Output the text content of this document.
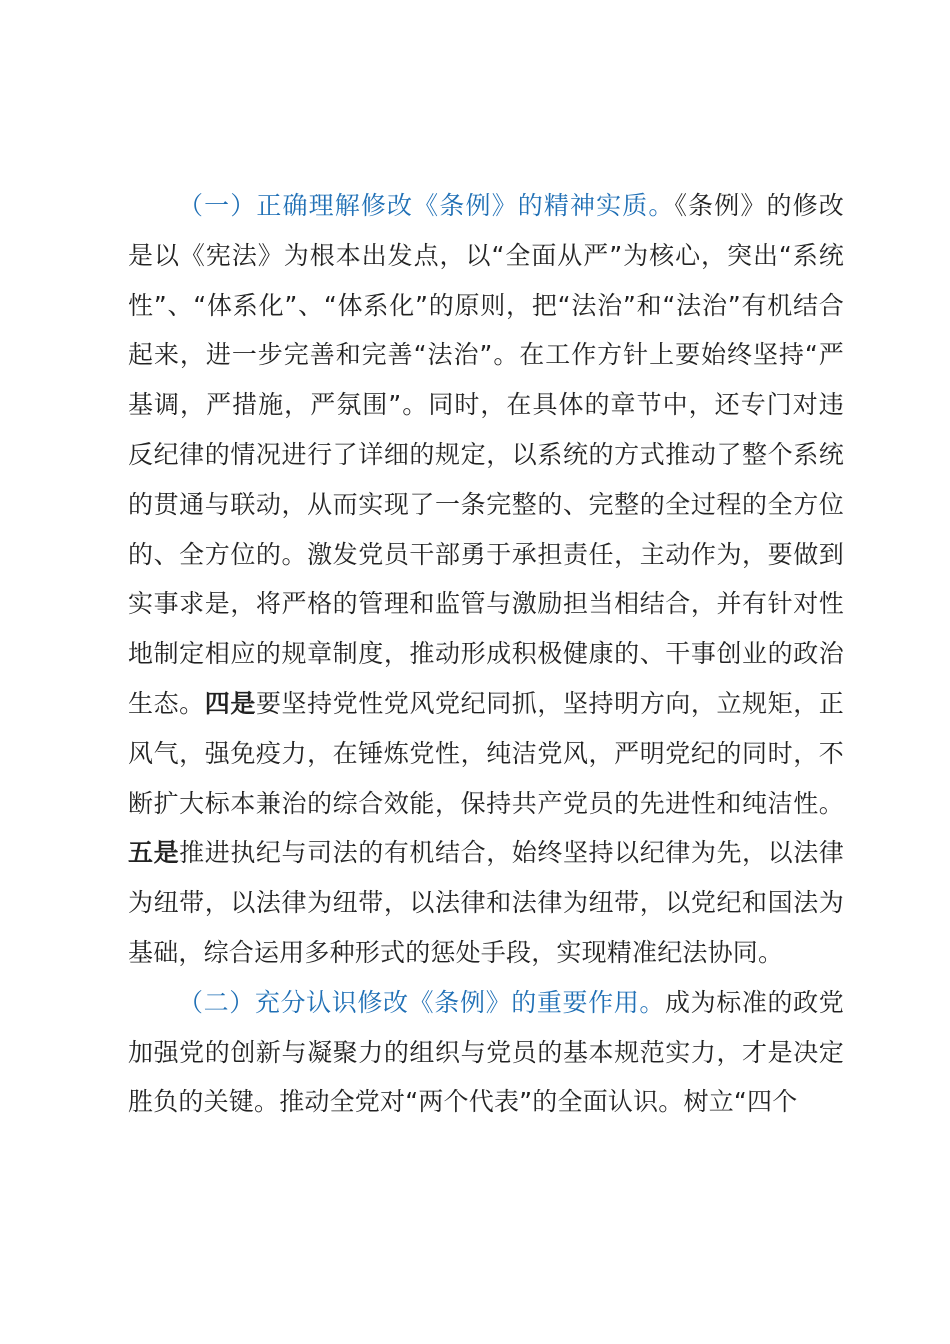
（一）正确理解修改《条例》的精神实质。《条例》的修改是以《宪法》为根本出发点，以“全面从严”为核心，突出“系统性”、“体系化”、“体系化”的原则，把“法治”和“法治”有机结合起来，进一步完善和完善“法治”。在工作方针上要始终坚持“严基调，严措施，严氛围”。同时，在具体的章节中，还专门对违反纪律的情况进行了详细的规定，以系统的方式推动了整个系统的贯通与联动，从而实现了一条完整的、完整的全过程的全方位的、全方位的。激发党员干部勇于承担责任，主动作为，要做到实事求是，将严格的管理和监管与激励担当相结合，并有针对性地制定相应的规章制度，推动形成积极健康的、干事创业的政治生态。四是要坚持党性党风党纪同抓，坚持明方向，立规矩，正风气，强免疫力，在锤炼党性，纯洁党风，严明党纪的同时，不断扩大标本兼治的综合效能，保持共产党员的先进性和纯洁性。五是推进执纪与司法的有机结合，始终坚持以纪律为先，以法律为纽带，以法律为纽带，以法律和法律为纽带，以党纪和国法为基础，综合运用多种形式的惩处手段，实现精准纪法协同。

（二）充分认识修改《条例》的重要作用。成为标准的政党加强党的创新与凝聚力的组织与党员的基本规范实力，才是决定胜负的关键。推动全党对“两个代表”的全面认识。树立“四个
